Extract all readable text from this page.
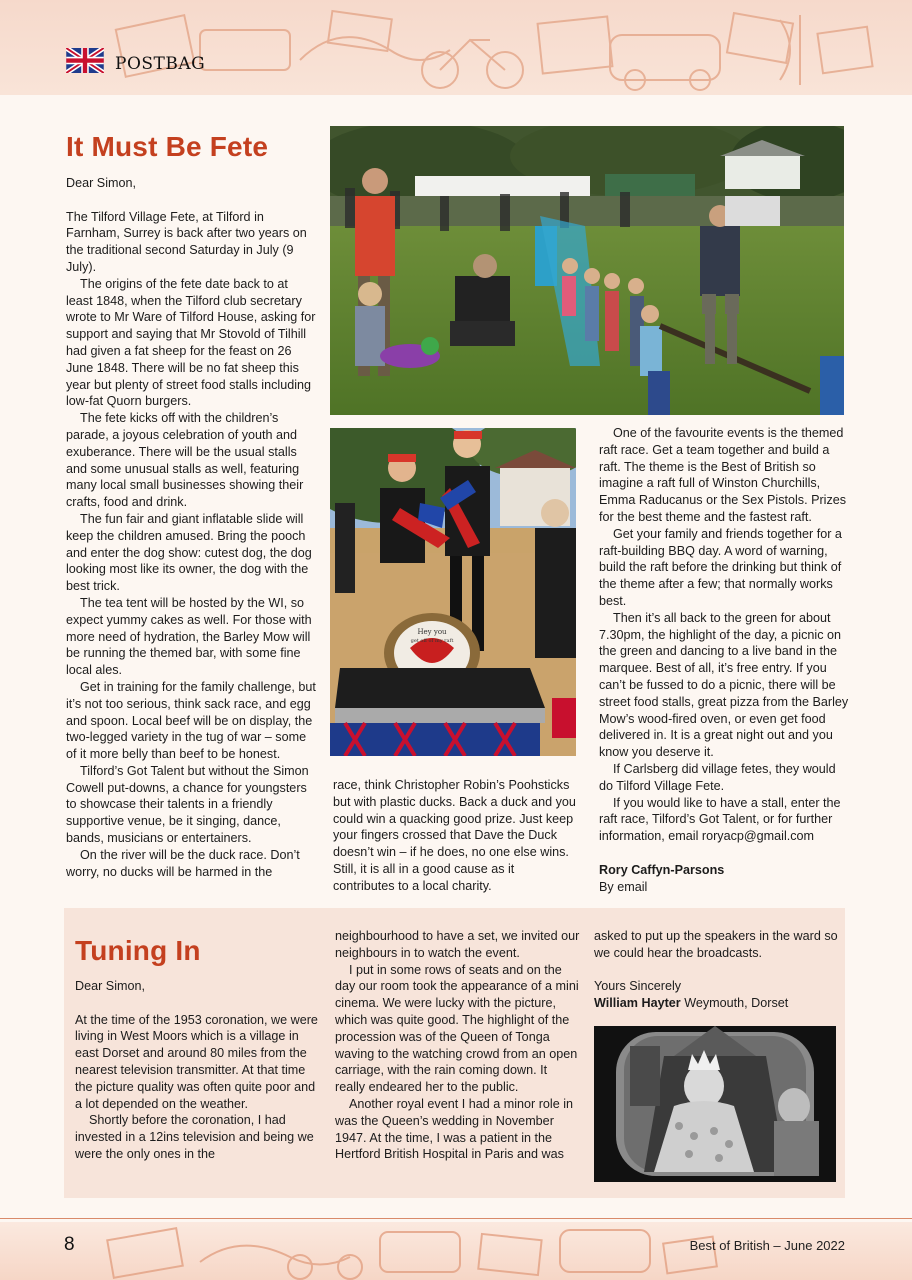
POSTBAG
It Must Be Fete

Dear Simon,

The Tilford Village Fete, at Tilford in Farnham, Surrey is back after two years on the traditional second Saturday in July (9 July).

The origins of the fete date back to at least 1848, when the Tilford club secretary wrote to Mr Ware of Tilford House, asking for support and saying that Mr Stovold of Tilhill had given a fat sheep for the feast on 26 June 1848. There will be no fat sheep this year but plenty of street food stalls including low-fat Quorn burgers.

The fete kicks off with the children’s parade, a joyous celebration of youth and exuberance. There will be the usual stalls and some unusual stalls as well, featuring many local small businesses showing their crafts, food and drink.

The fun fair and giant inflatable slide will keep the children amused. Bring the pooch and enter the dog show: cutest dog, the dog looking most like its owner, the dog with the best trick.

The tea tent will be hosted by the WI, so expect yummy cakes as well. For those with more need of hydration, the Barley Mow will be running the themed bar, with some fine local ales.

Get in training for the family challenge, but it’s not too serious, think sack race, and egg and spoon. Local beef will be on display, the two-legged variety in the tug of war – some of it more belly than beef to be honest.

Tilford’s Got Talent but without the Simon Cowell put-downs, a chance for youngsters to showcase their talents in a friendly supportive venue, be it singing, dance, bands, musicians or entertainers.

On the river will be the duck race. Don’t worry, no ducks will be harmed in the

Hey you
get off of my raft

race, think Christopher Robin’s Poohsticks but with plastic ducks. Back a duck and you could win a quacking good prize. Just keep your fingers crossed that Dave the Duck doesn’t win – if he does, no one else wins. Still, it is all in a good cause as it contributes to a local charity.

One of the favourite events is the themed raft race. Get a team together and build a raft. The theme is the Best of British so imagine a raft full of Winston Churchills, Emma Raducanus or the Sex Pistols. Prizes for the best theme and the fastest raft.

Get your family and friends together for a raft-building BBQ day. A word of warning, build the raft before the drinking but think of the theme after a few; that normally works best.

Then it’s all back to the green for about 7.30pm, the highlight of the day, a picnic on the green and dancing to a live band in the marquee. Best of all, it’s free entry. If you can’t be fussed to do a picnic, there will be street food stalls, great pizza from the Barley Mow’s wood-fired oven, or even get food delivered in. It is a great night out and you know you deserve it.

If Carlsberg did village fetes, they would do Tilford Village Fete.

If you would like to have a stall, enter the raft race, Tilford’s Got Talent, or for further information, email roryacp@gmail.com

Rory Caffyn-Parsons

By email

Tuning In

Dear Simon,

At the time of the 1953 coronation, we were living in West Moors which is a village in east Dorset and around 80 miles from the nearest television transmitter. At that time the picture quality was often quite poor and a lot depended on the weather.

Shortly before the coronation, I had invested in a 12ins television and being we were the only ones in the

neighbourhood to have a set, we invited our neighbours in to watch the event.

I put in some rows of seats and on the day our room took the appearance of a mini cinema. We were lucky with the picture, which was quite good. The highlight of the procession was of the Queen of Tonga waving to the watching crowd from an open carriage, with the rain coming down. It really endeared her to the public.

Another royal event I had a minor role in was the Queen’s wedding in November 1947. At the time, I was a patient in the Hertford British Hospital in Paris and was

asked to put up the speakers in the ward so we could hear the broadcasts.

Yours Sincerely

William Hayter Weymouth, Dorset

8	Best of British – June 2022
